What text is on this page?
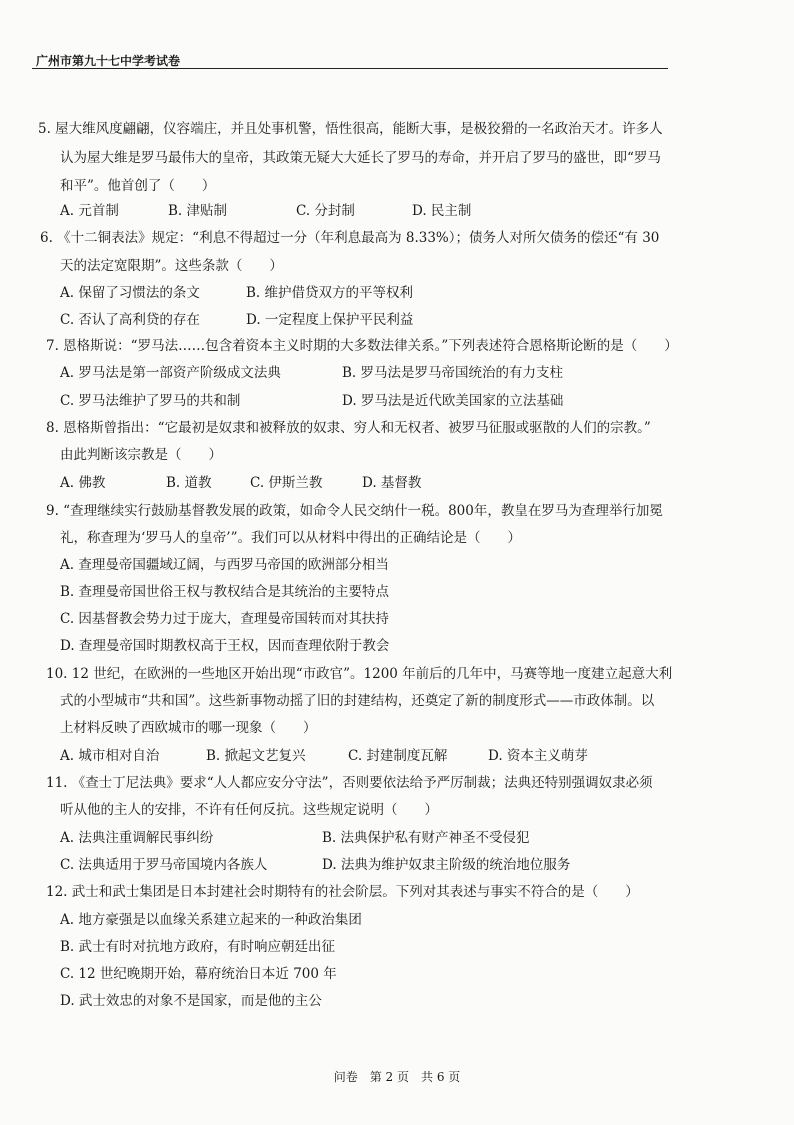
广州市第九十七中学考试卷
5. 屋大维风度翩翩，仪容端庄，并且处事机警，悟性很高，能断大事，是极狡猾的一名政治天才。许多人
认为屋大维是罗马最伟大的皇帝，其政策无疑大大延长了罗马的寿命，并开启了罗马的盛世，即“罗马
和平”。他首创了（　　）
A. 元首制	B. 津贴制	C. 分封制	D. 民主制
6. 《十二铜表法》规定：“利息不得超过一分（年利息最高为 8.33%）；债务人对所欠债务的偿还“有 30
天的法定宽限期”。这些条款（　　）
A. 保留了习惯法的条文	B. 维护借贷双方的平等权利
C. 否认了高利贷的存在	D. 一定程度上保护平民利益
7. 恩格斯说：“罗马法……包含着资本主义时期的大多数法律关系。”下列表述符合恩格斯论断的是（　　）
A. 罗马法是第一部资产阶级成文法典	B. 罗马法是罗马帝国统治的有力支柱
C. 罗马法维护了罗马的共和制	D. 罗马法是近代欧美国家的立法基础
8. 恩格斯曾指出：“它最初是奴隶和被释放的奴隶、穷人和无权者、被罗马征服或驱散的人们的宗教。”
由此判断该宗教是（　　）
A. 佛教	B. 道教	C. 伊斯兰教	D. 基督教
9. “查理继续实行鼓励基督教发展的政策，如命令人民交纳什一税。800年，教皇在罗马为查理举行加冕
礼，称查理为‘罗马人的皇帝’”。我们可以从材料中得出的正确结论是（　　）
A. 查理曼帝国疆域辽阔，与西罗马帝国的欧洲部分相当
B. 查理曼帝国世俗王权与教权结合是其统治的主要特点
C. 因基督教会势力过于庞大，查理曼帝国转而对其扶持
D. 查理曼帝国时期教权高于王权，因而查理依附于教会
10. 12 世纪，在欧洲的一些地区开始出现“市政官”。1200 年前后的几年中，马赛等地一度建立起意大利
式的小型城市“共和国”。这些新事物动摇了旧的封建结构，还奠定了新的制度形式——市政体制。以
上材料反映了西欧城市的哪一现象（　　）
A. 城市相对自治	B. 掀起文艺复兴	C. 封建制度瓦解	D. 资本主义萌芽
11. 《查士丁尼法典》要求“人人都应安分守法”，否则要依法给予严厉制裁；法典还特别强调奴隶必须
听从他的主人的安排，不许有任何反抗。这些规定说明（　　）
A. 法典注重调解民事纠纷	B. 法典保护私有财产神圣不受侵犯
C. 法典适用于罗马帝国境内各族人	D. 法典为维护奴隶主阶级的统治地位服务
12. 武士和武士集团是日本封建社会时期特有的社会阶层。下列对其表述与事实不符合的是（　　）
A. 地方豪强是以血缘关系建立起来的一种政治集团
B. 武士有时对抗地方政府，有时响应朝廷出征
C. 12 世纪晚期开始，幕府统治日本近 700 年
D. 武士效忠的对象不是国家，而是他的主公
问卷　第 2 页　共 6 页
